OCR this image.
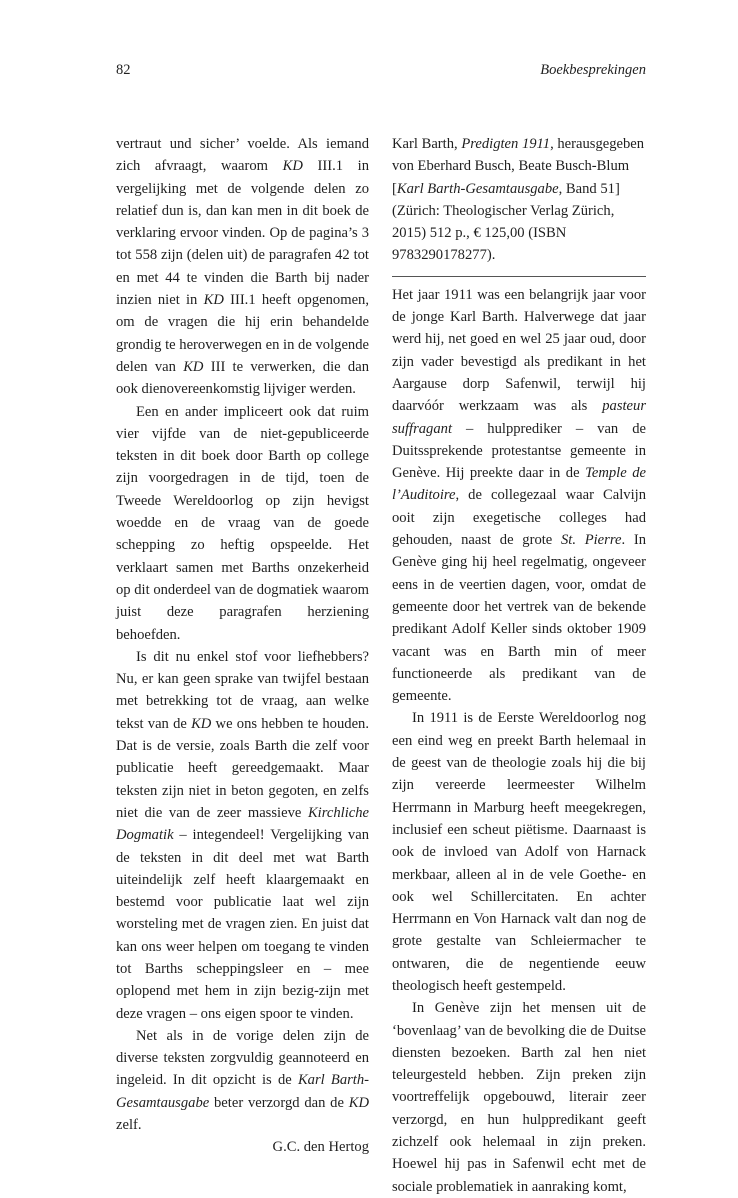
82	Boekbesprekingen

vertraut und sicher’ voelde. Als iemand zich afvraagt, waarom KD III.1 in vergelijking met de volgende delen zo relatief dun is, dan kan men in dit boek de verklaring ervoor vinden. Op de pagina’s 3 tot 558 zijn (delen uit) de paragrafen 42 tot en met 44 te vinden die Barth bij nader inzien niet in KD III.1 heeft opgenomen, om de vragen die hij erin behandelde grondig te heroverwegen en in de volgende delen van KD III te verwerken, die dan ook dienovereenkomstig lijviger werden.

Een en ander impliceert ook dat ruim vier vijfde van de niet-gepubliceerde teksten in dit boek door Barth op college zijn voorgedragen in de tijd, toen de Tweede Wereldoorlog op zijn hevigst woedde en de vraag van de goede schepping zo heftig opspeelde. Het verklaart samen met Barths onzekerheid op dit onderdeel van de dogmatiek waarom juist deze paragrafen herziening behoefden.

Is dit nu enkel stof voor liefhebbers? Nu, er kan geen sprake van twijfel bestaan met betrekking tot de vraag, aan welke tekst van de KD we ons hebben te houden. Dat is de versie, zoals Barth die zelf voor publicatie heeft gereedgemaakt. Maar teksten zijn niet in beton gegoten, en zelfs niet die van de zeer massieve Kirchliche Dogmatik – integendeel! Vergelijking van de teksten in dit deel met wat Barth uiteindelijk zelf heeft klaargemaakt en bestemd voor publicatie laat wel zijn worsteling met de vragen zien. En juist dat kan ons weer helpen om toegang te vinden tot Barths scheppingsleer en – mee oplopend met hem in zijn bezig-zijn met deze vragen – ons eigen spoor te vinden.

Net als in de vorige delen zijn de diverse teksten zorgvuldig geannoteerd en ingeleid. In dit opzicht is de Karl Barth-Gesamtausgabe beter verzorgd dan de KD zelf.

G.C. den Hertog

Karl Barth, Predigten 1911, herausgegeben von Eberhard Busch, Beate Busch-Blum [Karl Barth-Gesamtausgabe, Band 51] (Zürich: Theologischer Verlag Zürich, 2015) 512 p., € 125,00 (ISBN 9783290178277).

Het jaar 1911 was een belangrijk jaar voor de jonge Karl Barth. Halverwege dat jaar werd hij, net goed en wel 25 jaar oud, door zijn vader bevestigd als predikant in het Aargause dorp Safenwil, terwijl hij daarvóór werkzaam was als pasteur suffragant – hulpprediker – van de Duitssprekende protestantse gemeente in Genève. Hij preekte daar in de Temple de l’Auditoire, de collegezaal waar Calvijn ooit zijn exegetische colleges had gehouden, naast de grote St. Pierre. In Genève ging hij heel regelmatig, ongeveer eens in de veertien dagen, voor, omdat de gemeente door het vertrek van de bekende predikant Adolf Keller sinds oktober 1909 vacant was en Barth min of meer functioneerde als predikant van de gemeente.

In 1911 is de Eerste Wereldoorlog nog een eind weg en preekt Barth helemaal in de geest van de theologie zoals hij die bij zijn vereerde leermeester Wilhelm Herrmann in Marburg heeft meegekregen, inclusief een scheut piëtisme. Daarnaast is ook de invloed van Adolf von Harnack merkbaar, alleen al in de vele Goethe- en ook wel Schillercitaten. En achter Herrmann en Von Harnack valt dan nog de grote gestalte van Schleiermacher te ontwaren, die de negentiende eeuw theologisch heeft gestempeld.

In Genève zijn het mensen uit de ‘bovenlaag’ van de bevolking die de Duitse diensten bezoeken. Barth zal hen niet teleurgesteld hebben. Zijn preken zijn voortreffelijk opgebouwd, literair zeer verzorgd, en hun hulppredikant geeft zichzelf ook helemaal in zijn preken. Hoewel hij pas in Safenwil echt met de sociale problematiek in aanraking komt,
